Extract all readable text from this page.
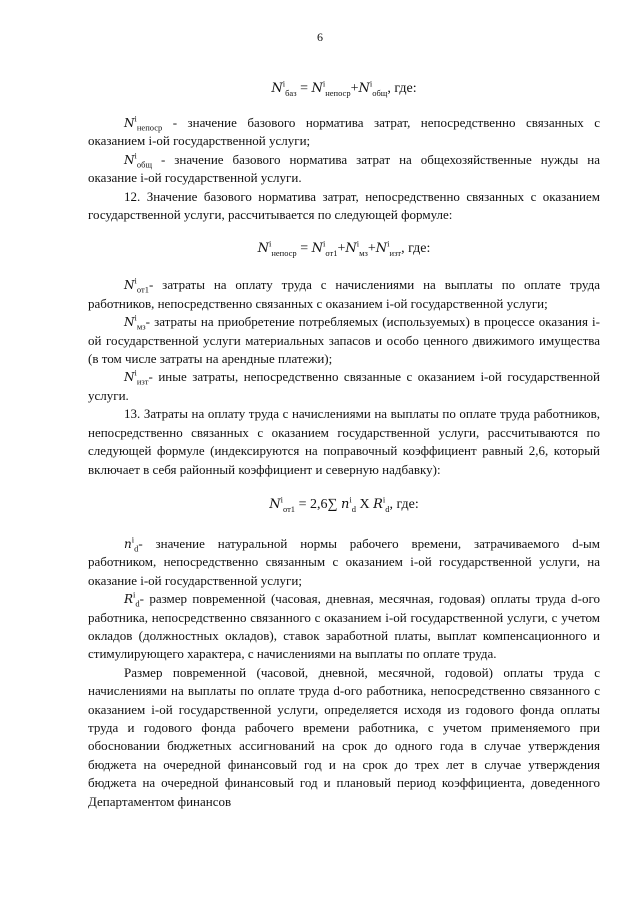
6
$N^i_{баз} = N^i_{непоср}+N^i_{общ}$, где:

$N^i_{непоср}$ - значение базового норматива затрат, непосредственно связанных с оказанием i-ой государственной услуги;

$N^i_{общ}$ - значение базового норматива затрат на общехозяйственные нужды на оказание i-ой государственной услуги.

12. Значение базового норматива затрат, непосредственно связанных с оказанием государственной услуги, рассчитывается по следующей формуле:

$N^i_{непоср} = N^i_{от1}+N^i_{мз}+N^i_{изт}$, где:

$N^i_{от1}-$ затраты на оплату труда с начислениями на выплаты по оплате труда работников, непосредственно связанных с оказанием i-ой государственной услуги;

$N^i_{мз}-$ затраты на приобретение потребляемых (используемых) в процессе оказания i-ой государственной услуги материальных запасов и особо ценного движимого имущества (в том числе затраты на арендные платежи);

$N^i_{изт}-$ иные затраты, непосредственно связанные с оказанием i-ой государственной услуги.

13. Затраты на оплату труда с начислениями на выплаты по оплате труда работников, непосредственно связанных с оказанием государственной услуги, рассчитываются по следующей формуле (индексируются на поправочный коэффициент равный 2,6, который включает в себя районный коэффициент и северную надбавку):

$N^i_{от1} = 2,6\sum$ $n^i_d$ X $R^i_d$, где:

$n^i_d-$ значение натуральной нормы рабочего времени, затрачиваемого d-ым работником, непосредственно связанным с оказанием i-ой государственной услуги, на оказание i-ой государственной услуги;

$R^i_d-$ размер повременной (часовая, дневная, месячная, годовая) оплаты труда d-ого работника, непосредственно связанного с оказанием i-ой государственной услуги, с учетом окладов (должностных окладов), ставок заработной платы, выплат компенсационного и стимулирующего характера, с начислениями на выплаты по оплате труда.

Размер повременной (часовой, дневной, месячной, годовой) оплаты труда с начислениями на выплаты по оплате труда d-ого работника, непосредственно связанного с оказанием i-ой государственной услуги, определяется исходя из годового фонда оплаты труда и годового фонда рабочего времени работника, с учетом применяемого при обосновании бюджетных ассигнований на срок до одного года в случае утверждения бюджета на очередной финансовый год и на срок до трех лет в случае утверждения бюджета на очередной финансовый год и плановый период коэффициента, доведенного Департаментом финансов
